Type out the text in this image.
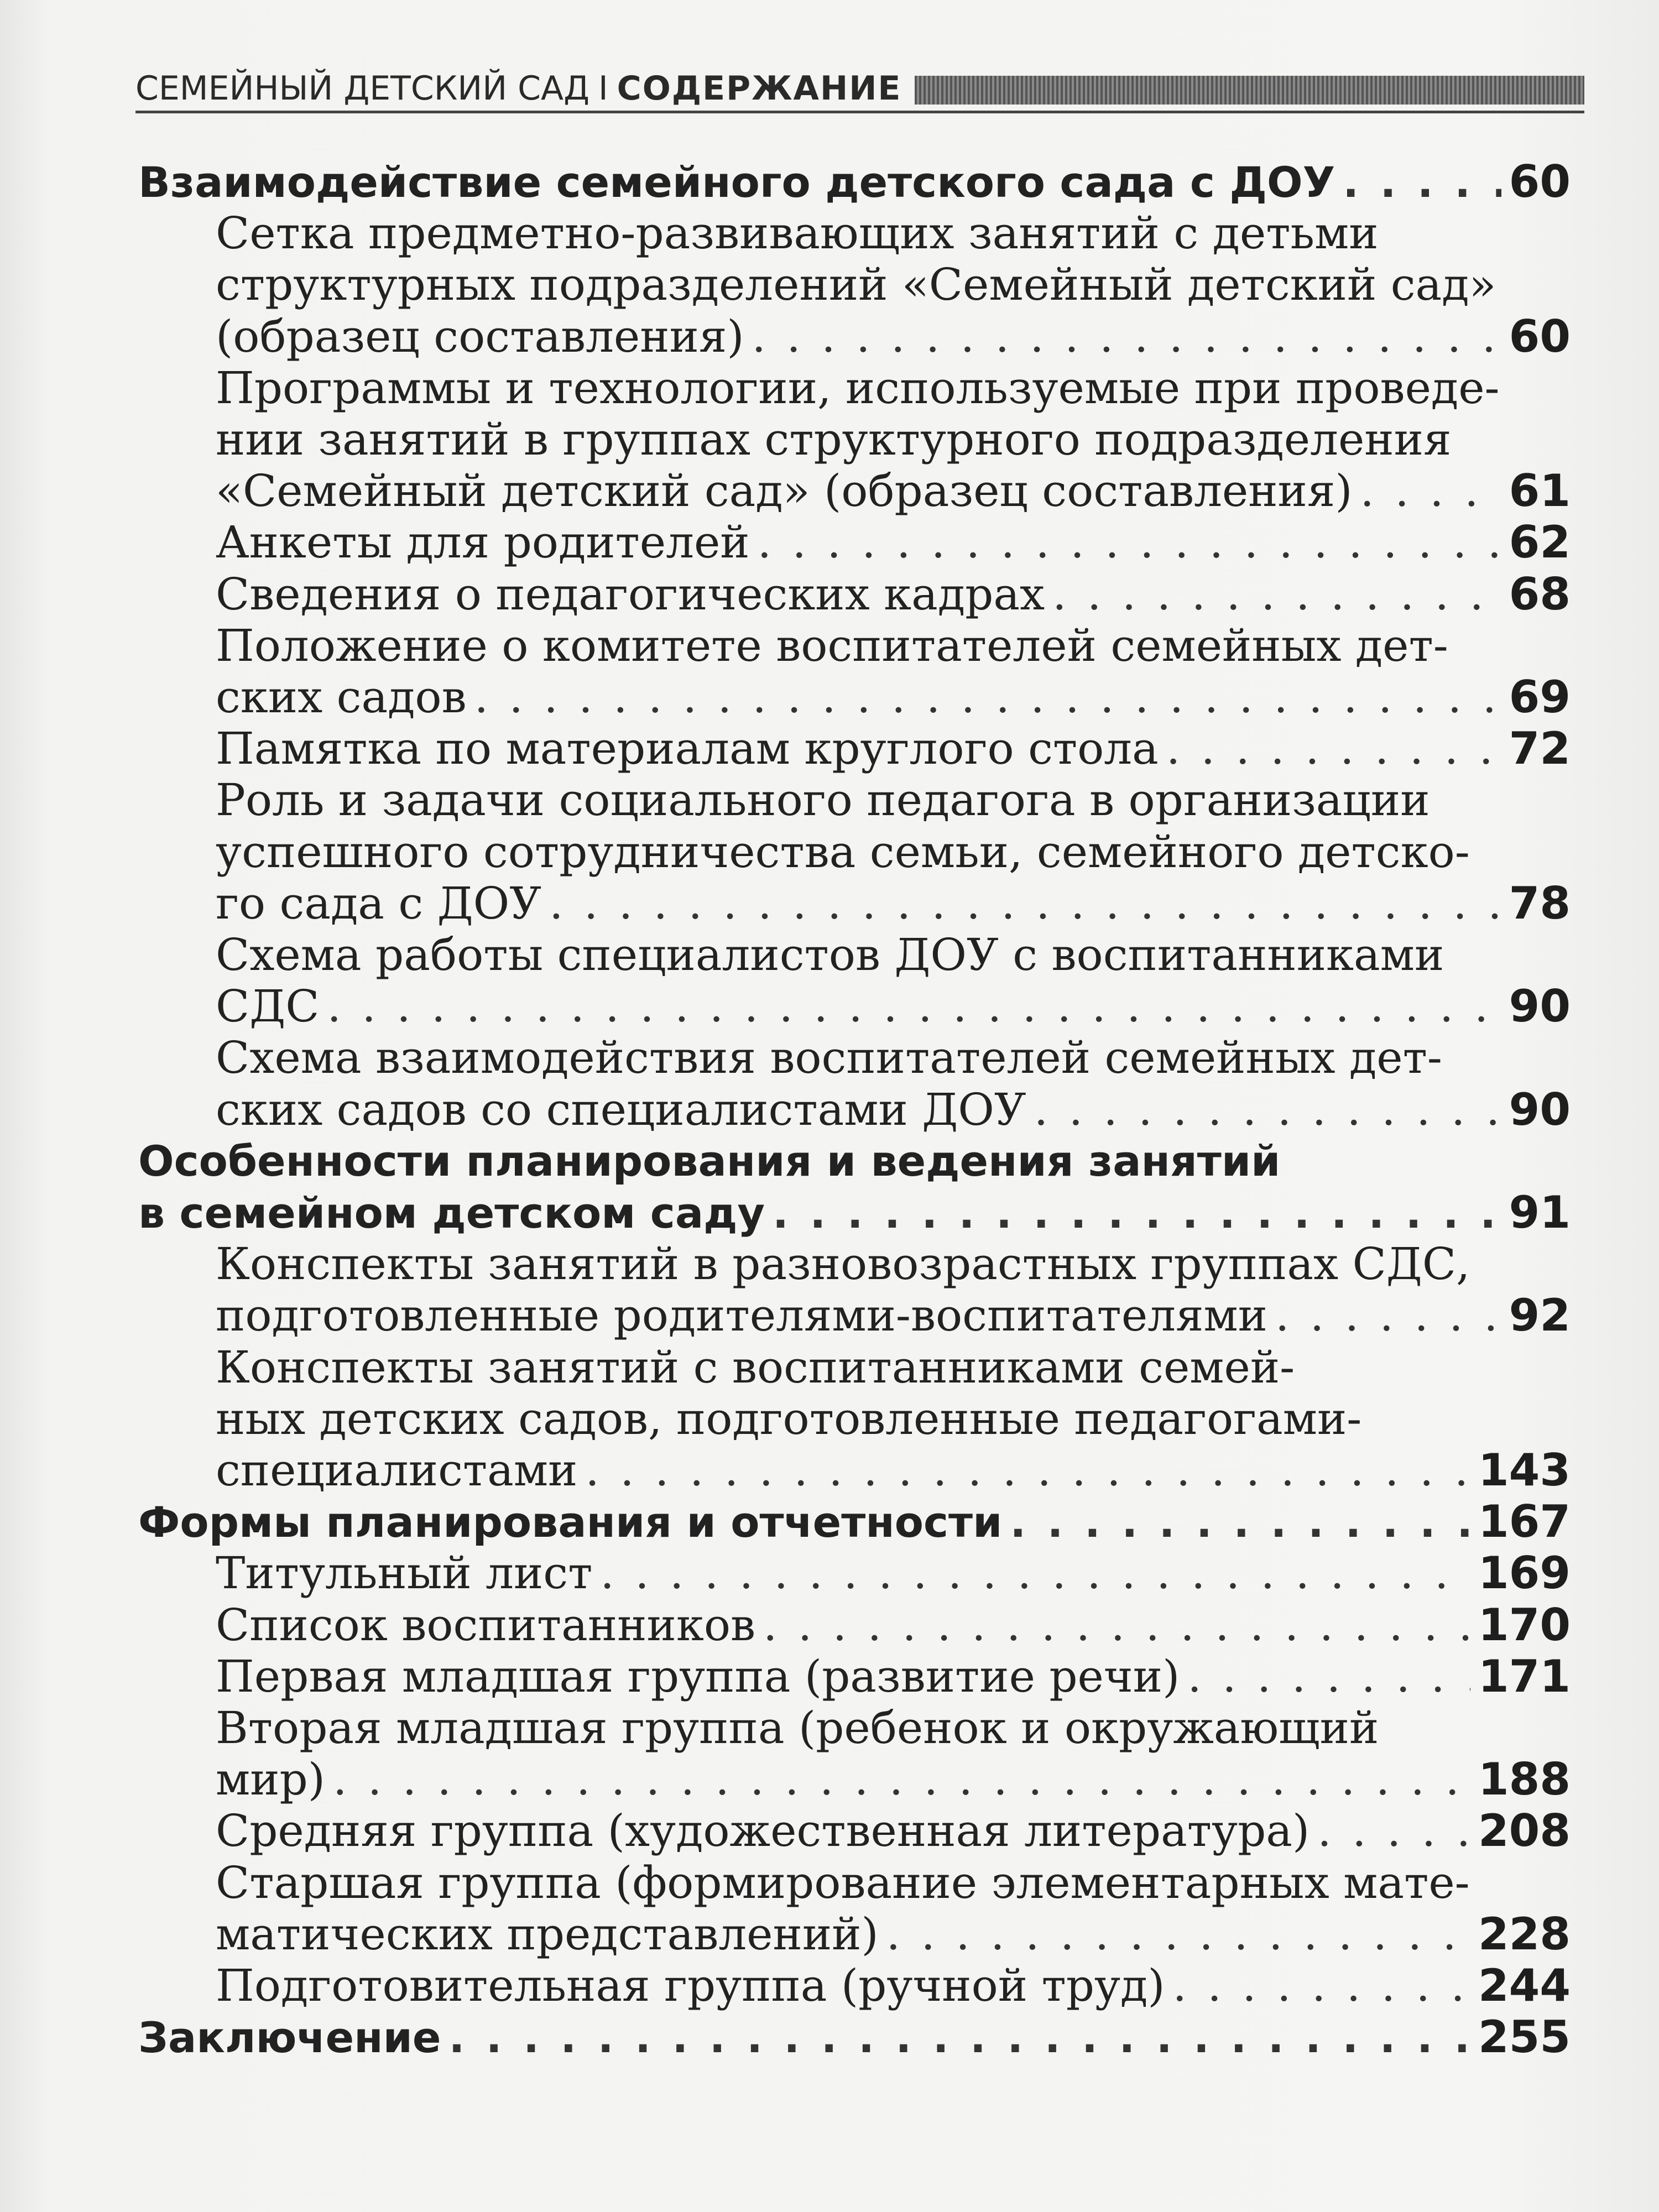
СЕМЕЙНЫЙ ДЕТСКИЙ САД I СОДЕРЖАНИЕ
Взаимодействие семейного детского сада с ДОУ . . .	60
Сетка предметно-развивающих занятий с детьми
структурных подразделений «Семейный детский сад»
(образец составления) . . .	60
Программы и технологии, используемые при проведе-
нии занятий в группах структурного подразделения
«Семейный детский сад» (образец составления) . . .	61
Анкеты для родителей . . .	62
Сведения о педагогических кадрах . . .	68
Положение о комитете воспитателей семейных дет-
ских садов . . .	69
Памятка по материалам круглого стола . . .	72
Роль и задачи социального педагога в организации
успешного сотрудничества семьи, семейного детско-
го сада с ДОУ . . .	78
Схема работы специалистов ДОУ с воспитанниками
СДС . . .	90
Схема взаимодействия воспитателей семейных дет-
ских садов со специалистами ДОУ . . .	90
Особенности планирования и ведения занятий
в семейном детском саду . . .	91
Конспекты занятий в разновозрастных группах СДС,
подготовленные родителями-воспитателями . . .	92
Конспекты занятий с воспитанниками семей-
ных детских садов, подготовленные педагогами-
специалистами . . .	143
Формы планирования и отчетности . . .	167
Титульный лист . . .	169
Список воспитанников . . .	170
Первая младшая группа (развитие речи) . . .	171
Вторая младшая группа (ребенок и окружающий
мир) . . .	188
Средняя группа (художественная литература) . . .	208
Старшая группа (формирование элементарных мате-
матических представлений) . . .	228
Подготовительная группа (ручной труд) . . .	244
Заключение . . .	255
